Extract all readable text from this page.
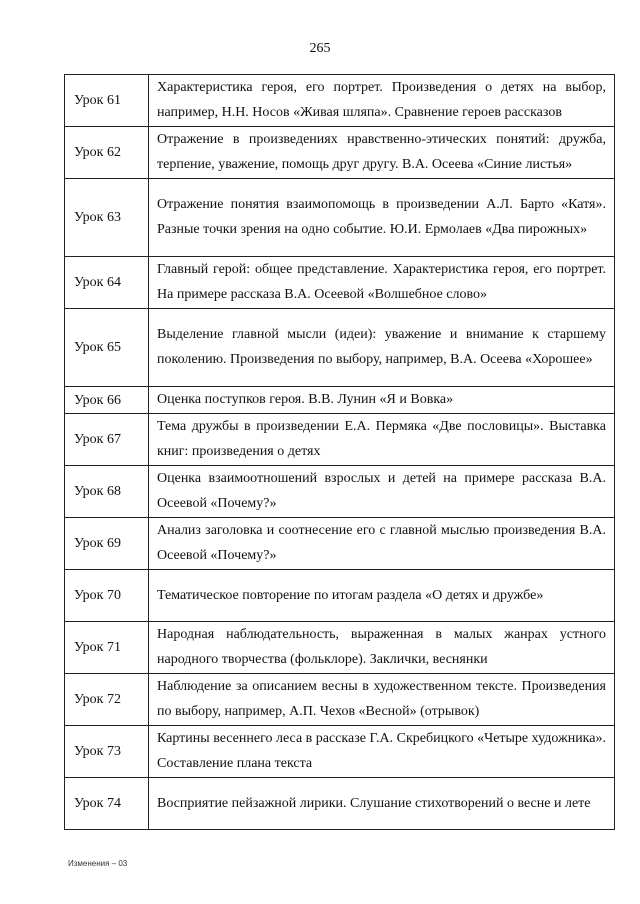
265
Урок 61	Характеристика героя, его портрет. Произведения о детях на выбор, например, Н.Н. Носов «Живая шляпа». Сравнение героев рассказов
Урок 62	Отражение в произведениях нравственно-этических понятий: дружба, терпение, уважение, помощь друг другу. В.А. Осеева «Синие листья»
Урок 63	Отражение понятия взаимопомощь в произведении А.Л. Барто «Катя». Разные точки зрения на одно событие. Ю.И. Ермолаев «Два пирожных»
Урок 64	Главный герой: общее представление. Характеристика героя, его портрет. На примере рассказа В.А. Осеевой «Волшебное слово»
Урок 65	Выделение главной мысли (идеи): уважение и внимание к старшему поколению. Произведения по выбору, например, В.А. Осеева «Хорошее»
Урок 66	Оценка поступков героя. В.В. Лунин «Я и Вовка»
Урок 67	Тема дружбы в произведении Е.А. Пермяка «Две пословицы». Выставка книг: произведения о детях
Урок 68	Оценка взаимоотношений взрослых и детей на примере рассказа В.А. Осеевой «Почему?»
Урок 69	Анализ заголовка и соотнесение его с главной мыслью произведения В.А. Осеевой «Почему?»
Урок 70	Тематическое повторение по итогам раздела «О детях и дружбе»
Урок 71	Народная наблюдательность, выраженная в малых жанрах устного народного творчества (фольклоре). Заклички, веснянки
Урок 72	Наблюдение за описанием весны в художественном тексте. Произведения по выбору, например, А.П. Чехов «Весной» (отрывок)
Урок 73	Картины весеннего леса в рассказе Г.А. Скребицкого «Четыре художника». Составление плана текста
Урок 74	Восприятие пейзажной лирики. Слушание стихотворений о весне и лете
Изменения – 03
